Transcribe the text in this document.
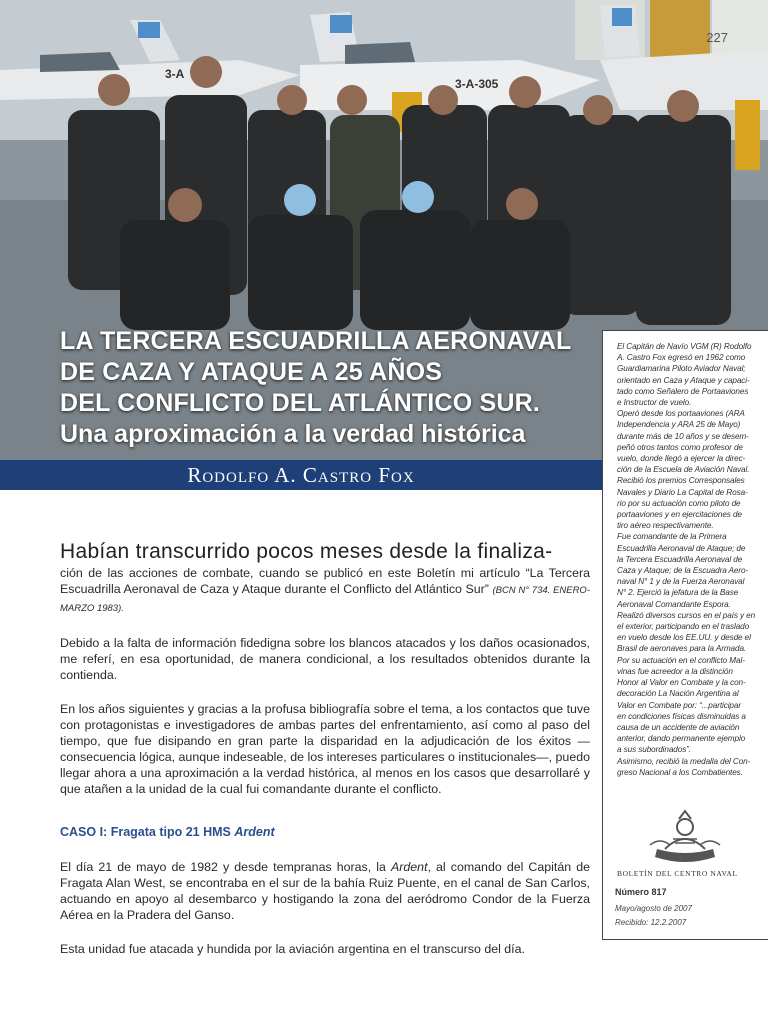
3-A
3-A-305
227
LA TERCERA ESCUADRILLA AERONAVAL
DE CAZA Y ATAQUE A 25 AÑOS
DEL CONFLICTO DEL ATLÁNTICO SUR.
Una aproximación a la verdad histórica
Rodolfo A. Castro Fox

Habían transcurrido pocos meses desde la finaliza-

ción de las acciones de combate, cuando se publicó en este Boletín mi artículo “La Tercera Escuadrilla Aeronaval de Caza y Ataque durante el Conflicto del Atlántico Sur” (BCN N° 734. ENERO-MARZO 1983).

Debido a la falta de información fidedigna sobre los blancos atacados y los daños ocasionados, me referí, en esa oportunidad, de manera condicional, a los resultados obtenidos durante la contienda.

En los años siguientes y gracias a la profusa bibliografía sobre el tema, a los contactos que tuve con protagonistas e investigadores de ambas partes del enfrentamiento, así como al paso del tiempo, que fue disipando en gran parte la disparidad en la adjudicación de los éxitos —consecuencia lógica, aunque indeseable, de los intereses particulares o institucionales—, puedo llegar ahora a una aproximación a la verdad histórica, al menos en los casos que desarrollaré y que atañen a la unidad de la cual fui comandante durante el conflicto.

CASO I: Fragata tipo 21 HMS Ardent

El día 21 de mayo de 1982 y desde tempranas horas, la Ardent, al comando del Capitán de Fragata Alan West, se encontraba en el sur de la bahía Ruiz Puente, en el canal de San Carlos, actuando en apoyo al desembarco y hostigando la zona del aeródromo Condor de la Fuerza Aérea en la Pradera del Ganso.

Esta unidad fue atacada y hundida por la aviación argentina en el transcurso del día.

El Capitán de Navío VGM (R) Rodolfo
A. Castro Fox egresó en 1962 como
Guardiamarina Piloto Aviador Naval;
orientado en Caza y Ataque y capaci-
tado como Señalero de Portaaviones
e Instructor de vuelo.
Operó desde los portaaviones (ARA
Independencia y ARA 25 de Mayo)
durante más de 10 años y se desem-
peñó otros tantos como profesor de
vuelo, donde llegó a ejercer la direc-
ción de la Escuela de Aviación Naval.
Recibió los premios Corresponsales
Navales y Diario La Capital de Rosa-
rio por su actuación como piloto de
portaaviones y en ejercitaciones de
tiro aéreo respectivamente.
Fue comandante de la Primera
Escuadrilla Aeronaval de Ataque; de
la Tercera Escuadrilla Aeronaval de
Caza y Ataque; de la Escuadra Aero-
naval N° 1 y de la Fuerza Aeronaval
N° 2. Ejerció la jefatura de la Base
Aeronaval Comandante Espora.
Realizó diversos cursos en el país y en
el exterior, participando en el traslado
en vuelo desde los EE.UU. y desde el
Brasil de aeronaves para la Armada.
Por su actuación en el conflicto Mal-
vinas fue acreedor a la distinción
Honor al Valor en Combate y la con-
decoración La Nación Argentina al
Valor en Combate por: “...participar
en condiciones físicas disminuidas a
causa de un accidente de aviación
anterior, dando permanente ejemplo
a sus subordinados”.
Asimismo, recibió la medalla del Con-
greso Nacional a los Combatientes.

BOLETÍN DEL CENTRO NAVAL
Número 817
Mayo/agosto de 2007
Recibido: 12.2.2007
